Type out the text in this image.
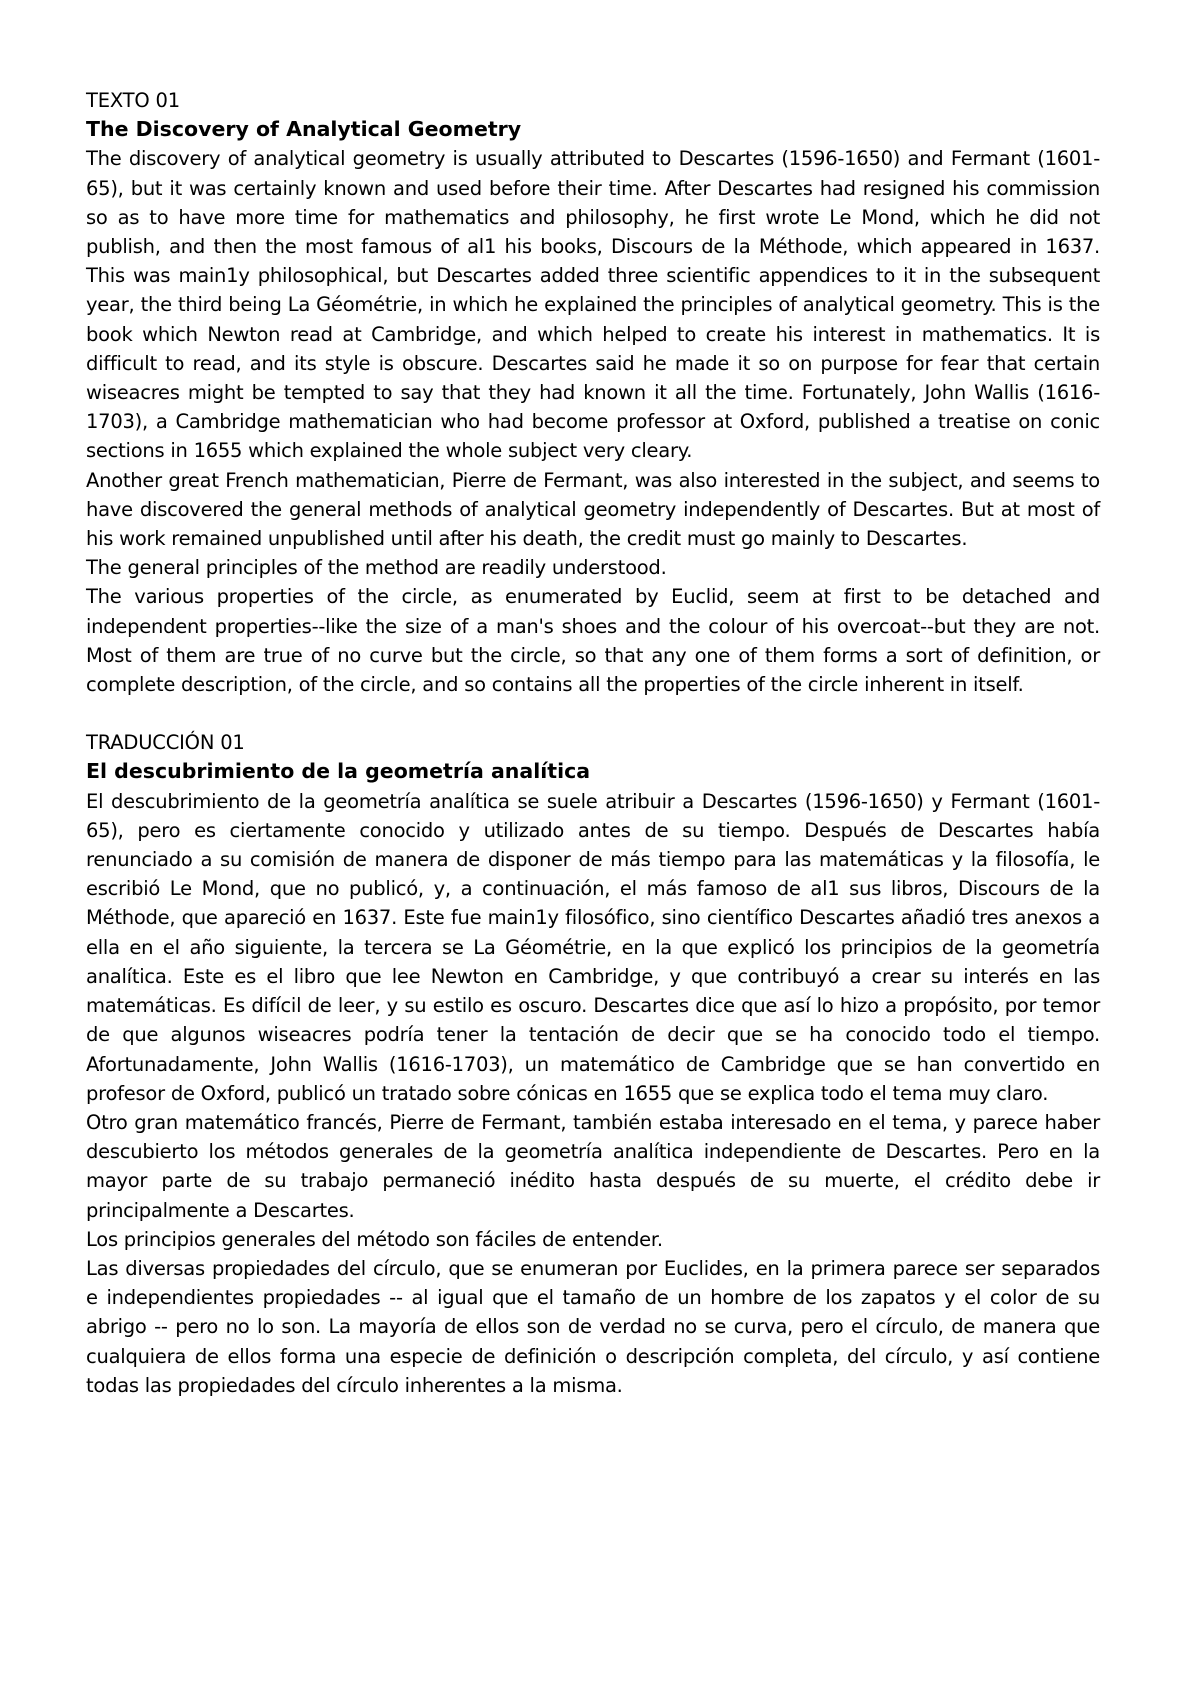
TEXTO 01

The Discovery of Analytical Geometry

The discovery of analytical geometry is usually attributed to Descartes (1596-1650) and Fermant (1601-65), but it was certainly known and used before their time. After Descartes had resigned his commission so as to have more time for mathematics and philosophy, he first wrote Le Mond, which he did not publish, and then the most famous of al1 his books, Discours de la Méthode, which appeared in 1637. This was main1y philosophical, but Descartes added three scientific appendices to it in the subsequent year, the third being La Géométrie, in which he explained the principles of analytical geometry. This is the book which Newton read at Cambridge, and which helped to create his interest in mathematics. It is difficult to read, and its style is obscure. Descartes said he made it so on purpose for fear that certain wiseacres might be tempted to say that they had known it all the time. Fortunately, John Wallis (1616-1703), a Cambridge mathematician who had become professor at Oxford, published a treatise on conic sections in 1655 which explained the whole subject very cleary.

Another great French mathematician, Pierre de Fermant, was also interested in the subject, and seems to have discovered the general methods of analytical geometry independently of Descartes. But at most of his work remained unpublished until after his death, the credit must go mainly to Descartes.

The general principles of the method are readily understood.

The various properties of the circle, as enumerated by Euclid, seem at first to be detached and independent properties--like the size of a man's shoes and the colour of his overcoat--but they are not. Most of them are true of no curve but the circle, so that any one of them forms a sort of definition, or complete description, of the circle, and so contains all the properties of the circle inherent in itself.

TRADUCCIÓN 01

El descubrimiento de la geometría analítica

El descubrimiento de la geometría analítica se suele atribuir a Descartes (1596-1650) y Fermant (1601-65), pero es ciertamente conocido y utilizado antes de su tiempo. Después de Descartes había renunciado a su comisión de manera de disponer de más tiempo para las matemáticas y la filosofía, le escribió Le Mond, que no publicó, y, a continuación, el más famoso de al1 sus libros, Discours de la Méthode, que apareció en 1637. Este fue main1y filosófico, sino científico Descartes añadió tres anexos a ella en el año siguiente, la tercera se La Géométrie, en la que explicó los principios de la geometría analítica. Este es el libro que lee Newton en Cambridge, y que contribuyó a crear su interés en las matemáticas. Es difícil de leer, y su estilo es oscuro. Descartes dice que así lo hizo a propósito, por temor de que algunos wiseacres podría tener la tentación de decir que se ha conocido todo el tiempo. Afortunadamente, John Wallis (1616-1703), un matemático de Cambridge que se han convertido en profesor de Oxford, publicó un tratado sobre cónicas en 1655 que se explica todo el tema muy claro.

Otro gran matemático francés, Pierre de Fermant, también estaba interesado en el tema, y parece haber descubierto los métodos generales de la geometría analítica independiente de Descartes. Pero en la mayor parte de su trabajo permaneció inédito hasta después de su muerte, el crédito debe ir principalmente a Descartes.

Los principios generales del método son fáciles de entender.

Las diversas propiedades del círculo, que se enumeran por Euclides, en la primera parece ser separados e independientes propiedades -- al igual que el tamaño de un hombre de los zapatos y el color de su abrigo -- pero no lo son. La mayoría de ellos son de verdad no se curva, pero el círculo, de manera que cualquiera de ellos forma una especie de definición o descripción completa, del círculo, y así contiene todas las propiedades del círculo inherentes a la misma.
